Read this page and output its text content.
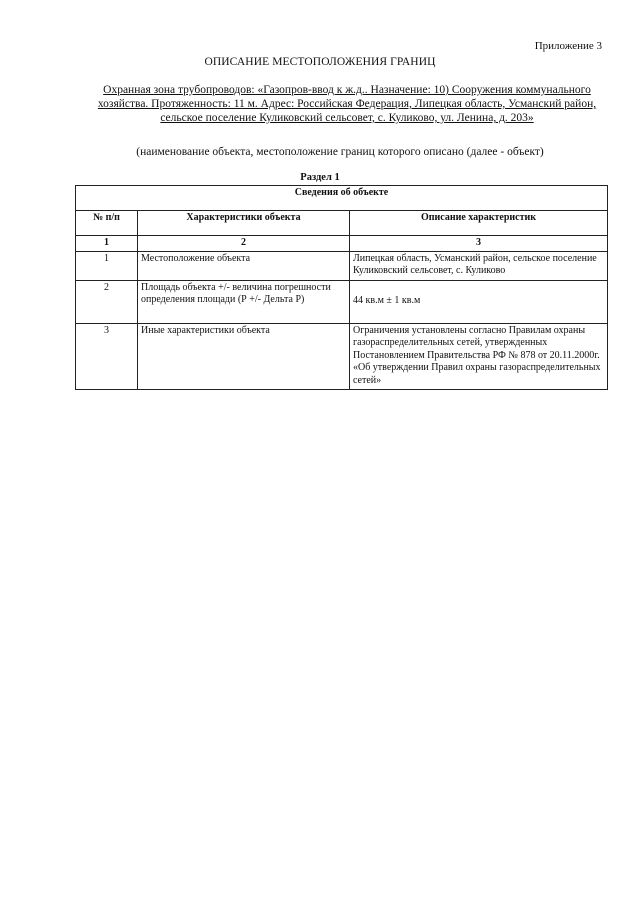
Приложение 3
ОПИСАНИЕ МЕСТОПОЛОЖЕНИЯ ГРАНИЦ
Охранная зона трубопроводов: «Газопров-ввод к ж.д.. Назначение: 10) Сооружения коммунального хозяйства. Протяженность: 11 м. Адрес: Российская Федерация, Липецкая область, Усманский район, сельское поселение Куликовский сельсовет, с. Куликово, ул. Ленина, д. 203»
(наименование объекта, местоположение границ которого описано (далее - объект)
Раздел 1
Сведения об объекте		
№ п/п	Характеристики объекта	Описание характеристик
1	2	3
1	Местоположение объекта	Липецкая область, Усманский район, сельское поселение Куликовский сельсовет, с. Куликово
2	Площадь объекта +/- величина погрешности определения площади (Р +/- Дельта Р)	44 кв.м ± 1 кв.м
3	Иные характеристики объекта	Ограничения установлены согласно Правилам охраны газораспределительных сетей, утвержденных Постановлением Правительства РФ № 878 от 20.11.2000г. «Об утверждении Правил охраны газораспределительных сетей»
